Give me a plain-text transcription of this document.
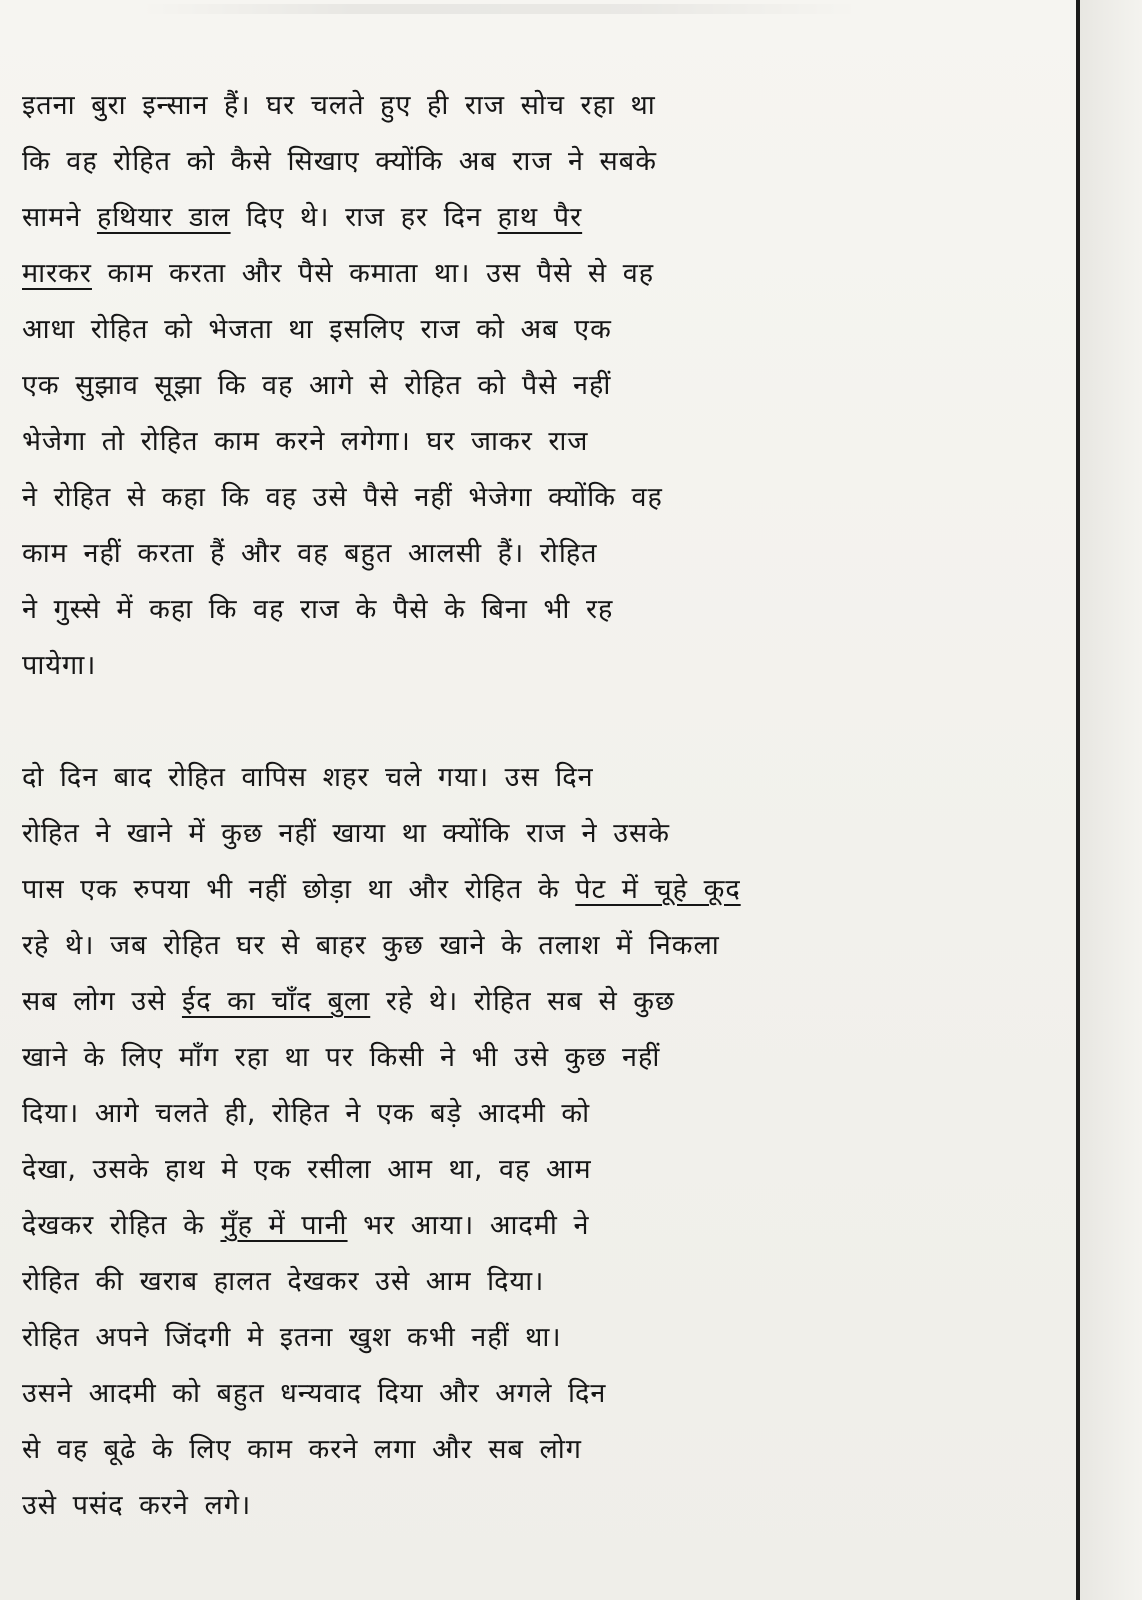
इतना बुरा इन्सान हैं। घर चलते हुए ही राज सोच रहा था
कि वह रोहित को कैसे सिखाए क्योंकि अब राज ने सबके
सामने हथियार डाल दिए थे। राज हर दिन हाथ पैर
मारकर काम करता और पैसे कमाता था। उस पैसे से वह
आधा रोहित को भेजता था इसलिए राज को अब एक
एक सुझाव सूझा कि वह आगे से रोहित को पैसे नहीं
भेजेगा तो रोहित काम करने लगेगा। घर जाकर राज
ने रोहित से कहा कि वह उसे पैसे नहीं भेजेगा क्योंकि वह
काम नहीं करता हैं और वह बहुत आलसी हैं। रोहित
ने गुस्से में कहा कि वह राज के पैसे के बिना भी रह
पायेगा।
दो दिन बाद रोहित वापिस शहर चले गया। उस दिन
रोहित ने खाने में कुछ नहीं खाया था क्योंकि राज ने उसके
पास एक रुपया भी नहीं छोड़ा था और रोहित के पेट में चूहे कूद
रहे थे। जब रोहित घर से बाहर कुछ खाने के तलाश में निकला
सब लोग उसे ईद का चाँद बुला रहे थे। रोहित सब से कुछ
खाने के लिए माँग रहा था पर किसी ने भी उसे कुछ नहीं
दिया। आगे चलते ही, रोहित ने एक बड़े आदमी को
देखा, उसके हाथ मे एक रसीला आम था, वह आम
देखकर रोहित के मुँह में पानी भर आया। आदमी ने
रोहित की खराब हालत देखकर उसे आम दिया।
रोहित अपने जिंदगी मे इतना खुश कभी नहीं था।
उसने आदमी को बहुत धन्यवाद दिया और अगले दिन
से वह बूढे के लिए काम करने लगा और सब लोग
उसे पसंद करने लगे।
